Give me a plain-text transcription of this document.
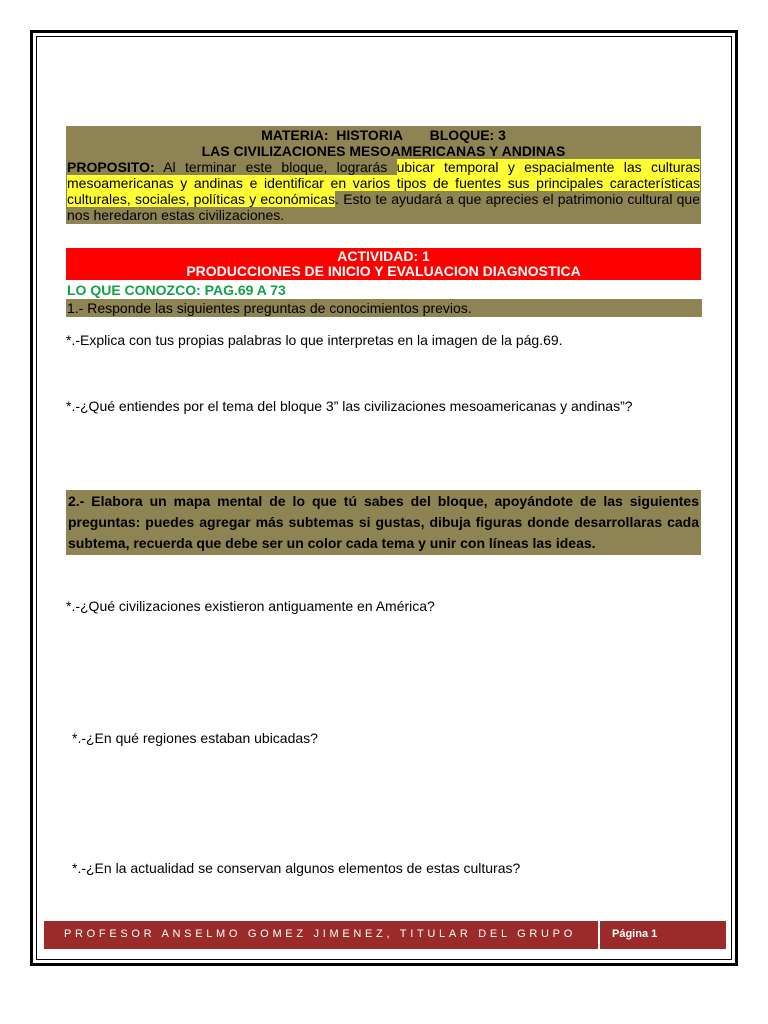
MATERIA:  HISTORIA       BLOQUE: 3
LAS CIVILIZACIONES MESOAMERICANAS Y ANDINAS
PROPOSITO: Al terminar este bloque, lograrás ubicar temporal y espacialmente las culturas mesoamericanas y andinas e identificar en varios tipos de fuentes sus principales características culturales, sociales, políticas y económicas. Esto te ayudará a que aprecies el patrimonio cultural que nos heredaron estas civilizaciones.
ACTIVIDAD: 1
PRODUCCIONES DE INICIO Y EVALUACION DIAGNOSTICA
LO QUE CONOZCO: PAG.69 A 73
1.- Responde las siguientes preguntas de conocimientos previos.
*.-Explica con tus propias palabras lo que interpretas en la imagen de la pág.69.
*.-¿Qué entiendes por el tema del bloque 3” las civilizaciones mesoamericanas y andinas”?
2.- Elabora un mapa mental de lo que tú sabes del bloque, apoyándote de las siguientes preguntas: puedes agregar más subtemas si gustas, dibuja figuras donde desarrollaras cada subtema, recuerda que debe ser un color cada tema y unir con líneas las ideas.
*.-¿Qué civilizaciones existieron antiguamente en América?
*.-¿En qué regiones estaban ubicadas?
*.-¿En la actualidad se conservan algunos elementos de estas culturas?
PROFESOR ANSELMO GOMEZ JIMENEZ, TITULAR DEL GRUPO	Página 1
